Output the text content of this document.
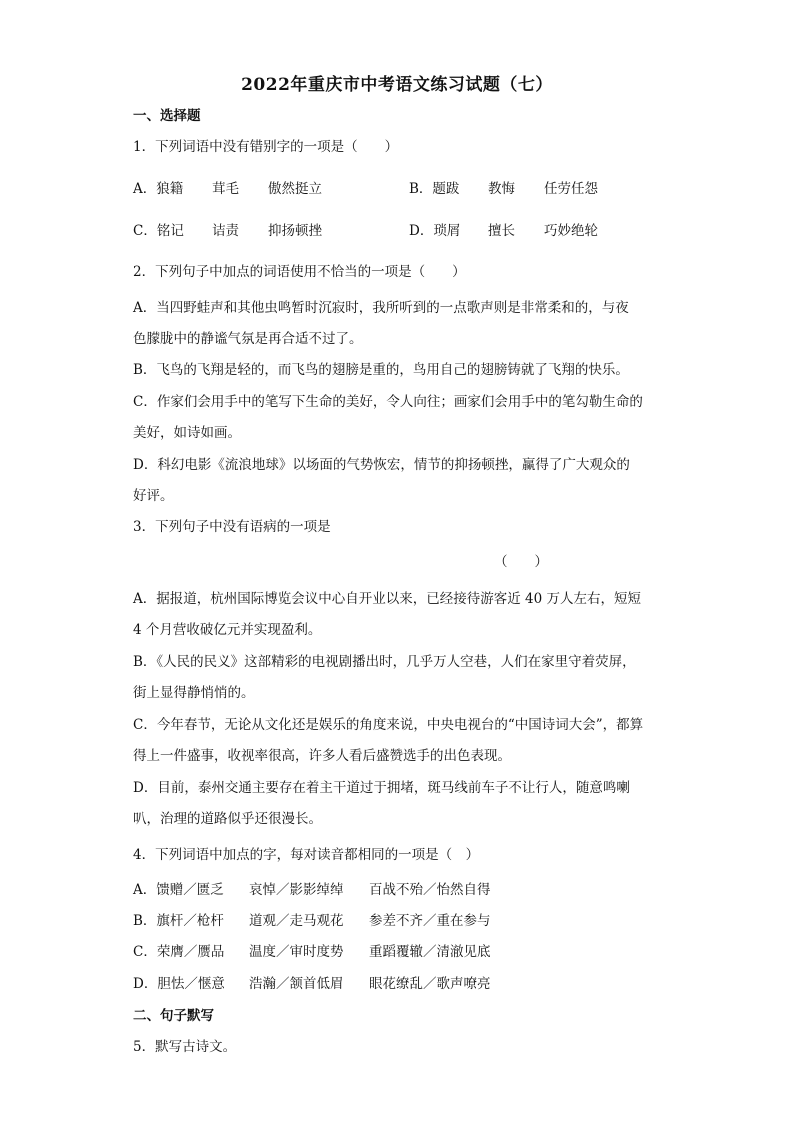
2022年重庆市中考语文练习试题（七）
一、选择题
1．下列词语中没有错别字的一项是（　　）
A．狼籍 茸毛 傲然挺立	B．题跋 教悔 任劳任怨
C．铭记 诘责 抑扬顿挫	D．琐屑 擅长 巧妙绝轮
2．下列句子中加点的词语使用不恰当的一项是（　　）
A．当四野蛙声和其他虫鸣暂时沉寂时，我所听到的一点歌声则是非常柔和的，与夜
色朦胧中的静谧气氛是再合适不过了。
B．飞鸟的飞翔是轻的，而飞鸟的翅膀是重的，鸟用自己的翅膀铸就了飞翔的快乐。
C．作家们会用手中的笔写下生命的美好，令人向往；画家们会用手中的笔勾勒生命的
美好，如诗如画。
D．科幻电影《流浪地球》以场面的气势恢宏，情节的抑扬顿挫，赢得了广大观众的
好评。
3．下列句子中没有语病的一项是
（　　）
A．据报道，杭州国际博览会议中心自开业以来，已经接待游客近 40 万人左右，短短
4 个月营收破亿元并实现盈利。
B．《人民的民义》这部精彩的电视剧播出时，几乎万人空巷，人们在家里守着荧屏，
街上显得静悄悄的。
C．今年春节，无论从文化还是娱乐的角度来说，中央电视台的“中国诗词大会”，都算
得上一件盛事，收视率很高，许多人看后盛赞选手的出色表现。
D．目前，泰州交通主要存在着主干道过于拥堵，斑马线前车子不让行人，随意鸣喇
叭，治理的道路似乎还很漫长。
4．下列词语中加点的字，每对读音都相同的一项是（　）
A．馈赠／匮乏 哀悼／影影绰绰 百战不殆／怡然自得
B．旗杆／枪杆 道观／走马观花 参差不齐／重在参与
C．荣膺／赝品 温度／审时度势 重蹈覆辙／清澈见底
D．胆怯／惬意 浩瀚／颔首低眉 眼花缭乱／歌声嘹亮
二、句子默写
5．默写古诗文。
